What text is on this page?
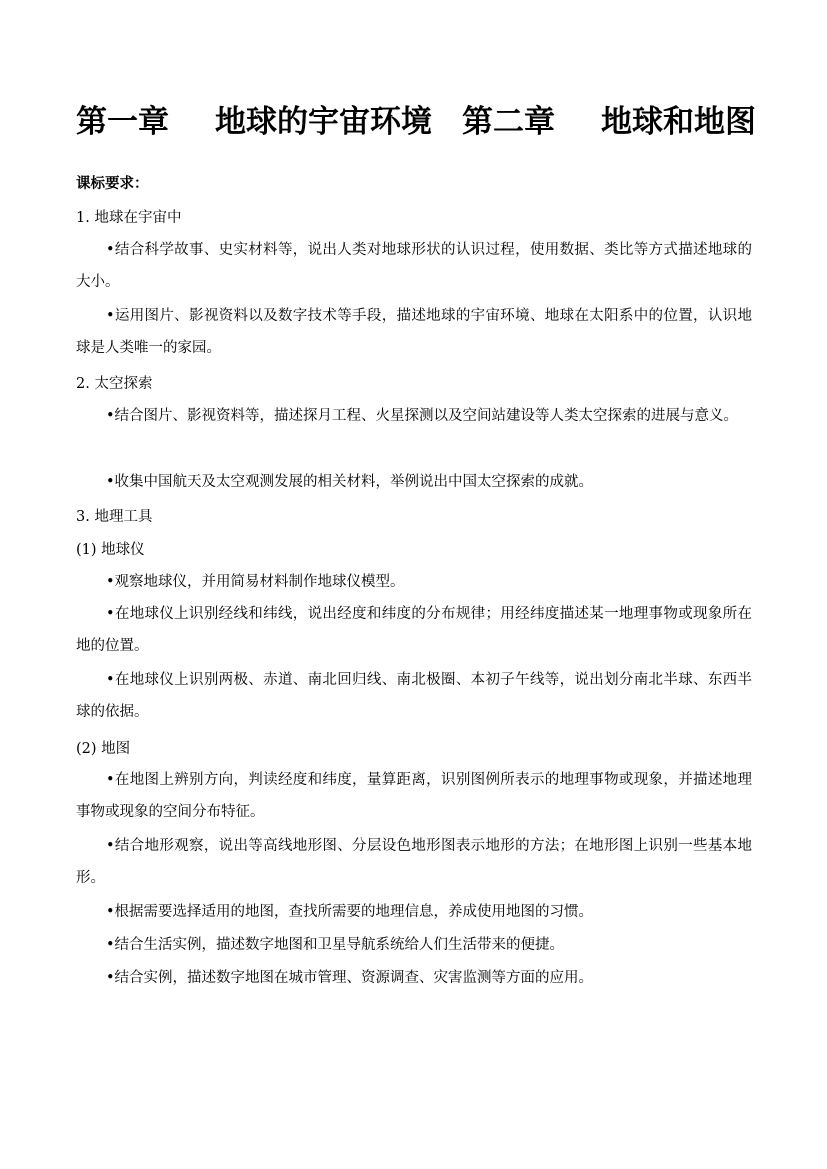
第一章 地球的宇宙环境 第二章 地球和地图
课标要求：
1. 地球在宇宙中
•结合科学故事、史实材料等，说出人类对地球形状的认识过程，使用数据、类比等方式描述地球的大小。
•运用图片、影视资料以及数字技术等手段，描述地球的宇宙环境、地球在太阳系中的位置，认识地球是人类唯一的家园。
2. 太空探索
•结合图片、影视资料等，描述探月工程、火星探测以及空间站建设等人类太空探索的进展与意义。
•收集中国航天及太空观测发展的相关材料，举例说出中国太空探索的成就。
3. 地理工具
(1) 地球仪
•观察地球仪，并用简易材料制作地球仪模型。
•在地球仪上识别经线和纬线，说出经度和纬度的分布规律；用经纬度描述某一地理事物或现象所在地的位置。
•在地球仪上识别两极、赤道、南北回归线、南北极圈、本初子午线等，说出划分南北半球、东西半球的依据。
(2) 地图
•在地图上辨别方向，判读经度和纬度，量算距离，识别图例所表示的地理事物或现象，并描述地理事物或现象的空间分布特征。
•结合地形观察，说出等高线地形图、分层设色地形图表示地形的方法；在地形图上识别一些基本地形。
•根据需要选择适用的地图，查找所需要的地理信息，养成使用地图的习惯。
•结合生活实例，描述数字地图和卫星导航系统给人们生活带来的便捷。
•结合实例，描述数字地图在城市管理、资源调查、灾害监测等方面的应用。
